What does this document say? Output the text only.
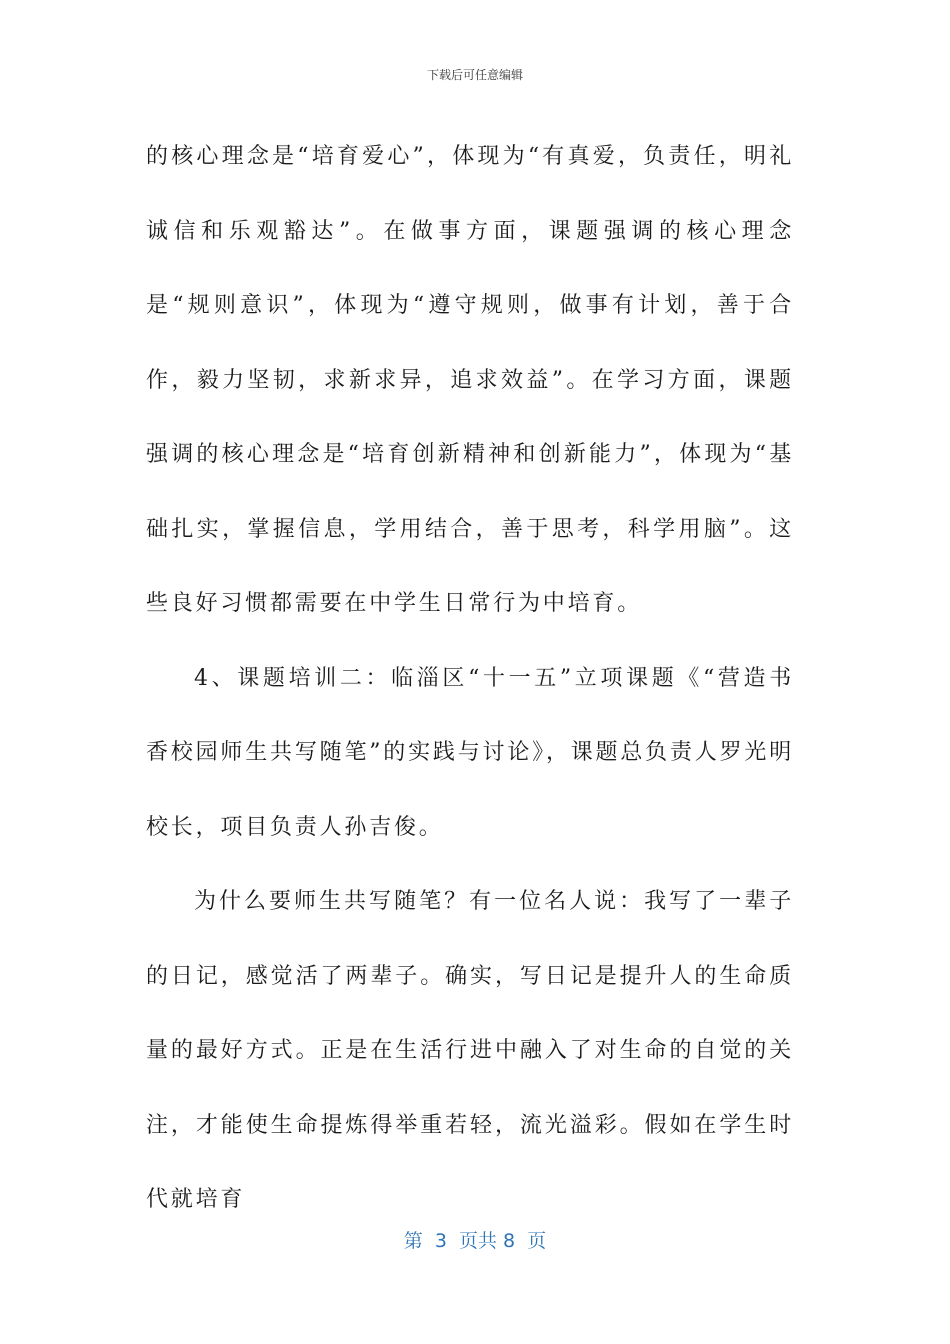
下载后可任意编辑

的核心理念是“培育爱心”，体现为“有真爱，负责任，明礼诚信和乐观豁达”。在做事方面，课题强调的核心理念是“规则意识”，体现为“遵守规则，做事有计划，善于合作，毅力坚韧，求新求异，追求效益”。在学习方面，课题强调的核心理念是“培育创新精神和创新能力”，体现为“基础扎实，掌握信息，学用结合，善于思考，科学用脑”。这些良好习惯都需要在中学生日常行为中培育。

4、课题培训二：临淄区“十一五”立项课题《“营造书香校园师生共写随笔”的实践与讨论》，课题总负责人罗光明校长，项目负责人孙吉俊。

为什么要师生共写随笔？有一位名人说：我写了一辈子的日记，感觉活了两辈子。确实，写日记是提升人的生命质量的最好方式。正是在生活行进中融入了对生命的自觉的关注，才能使生命提炼得举重若轻，流光溢彩。假如在学生时代就培育

第  3  页共 8  页
